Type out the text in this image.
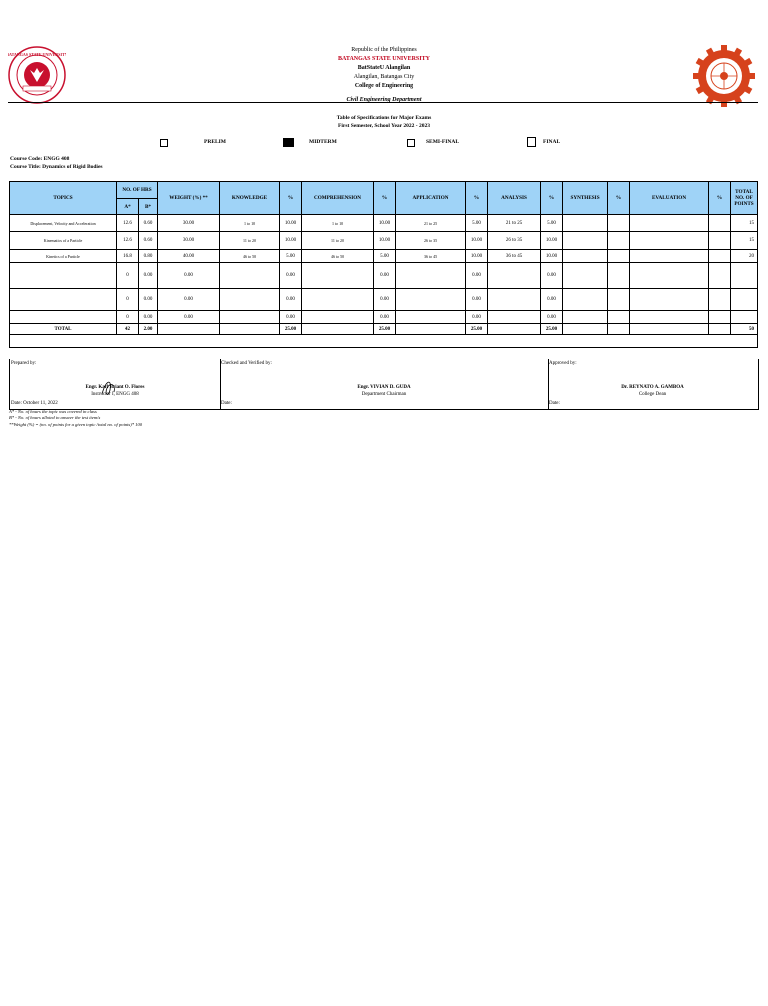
BATANGAS STATE UNIVERSITY
Republic of the Philippines
BATANGAS STATE UNIVERSITY
BatStateU Alangilan
Alangilan, Batangas City
College of Engineering
Civil Engineering Department
Table of Specifications for Major Exams
First Semester, School Year 2022 - 2023
PRELIM	MIDTERM	SEMI-FINAL	FINAL
Course Code: ENGG 408
Course Title: Dynamics of Rigid Bodies
TOPICS	NO. OF HRS		WEIGHT (%) **	KNOWLEDGE	%	COMPREHENSION	%	APPLICATION	%	ANALYSIS	%	SYNTHESIS	%	EVALUATION	%	TOTAL NO. OF POINTS
	A*	B*														
Displacement, Velocity and Acceleration	12.6	0.60	30.00	1 to 10	10.00	1 to 10	10.00	21 to 25	5.00	21 to 25	5.00					15
Kinematics of a Particle	12.6	0.60	30.00	11 to 20	10.00	11 to 20	10.00	26 to 35	10.00	26 to 35	10.00					15
Kinetics of a Particle	16.8	0.80	40.00	46 to 50	5.00	46 to 50	5.00	36 to 45	10.00	36 to 45	10.00					20
	0	0.00	0.00		0.00		0.00		0.00		0.00					
	0	0.00	0.00		0.00		0.00		0.00		0.00					
	0	0.00	0.00		0.00		0.00		0.00		0.00					
TOTAL	42	2.00			25.00		25.00		25.00		25.00					50

Prepared by:
Engr. Karl Briant O. Flores
Instructor I, ENGG 408
Date: October 11, 2022
Checked and Verified by:
Engr. VIVIAN D. GUDA
Department Chairman
Date:
Approved by:
Dr. REYNATO A. GAMBOA
College Dean
Date:
A* - No. of hours the topic was covered in class
B* - No. of hours alloted to answer the test item/s
**Weight (%) = (no. of points for a given topic /total no. of points)* 100
